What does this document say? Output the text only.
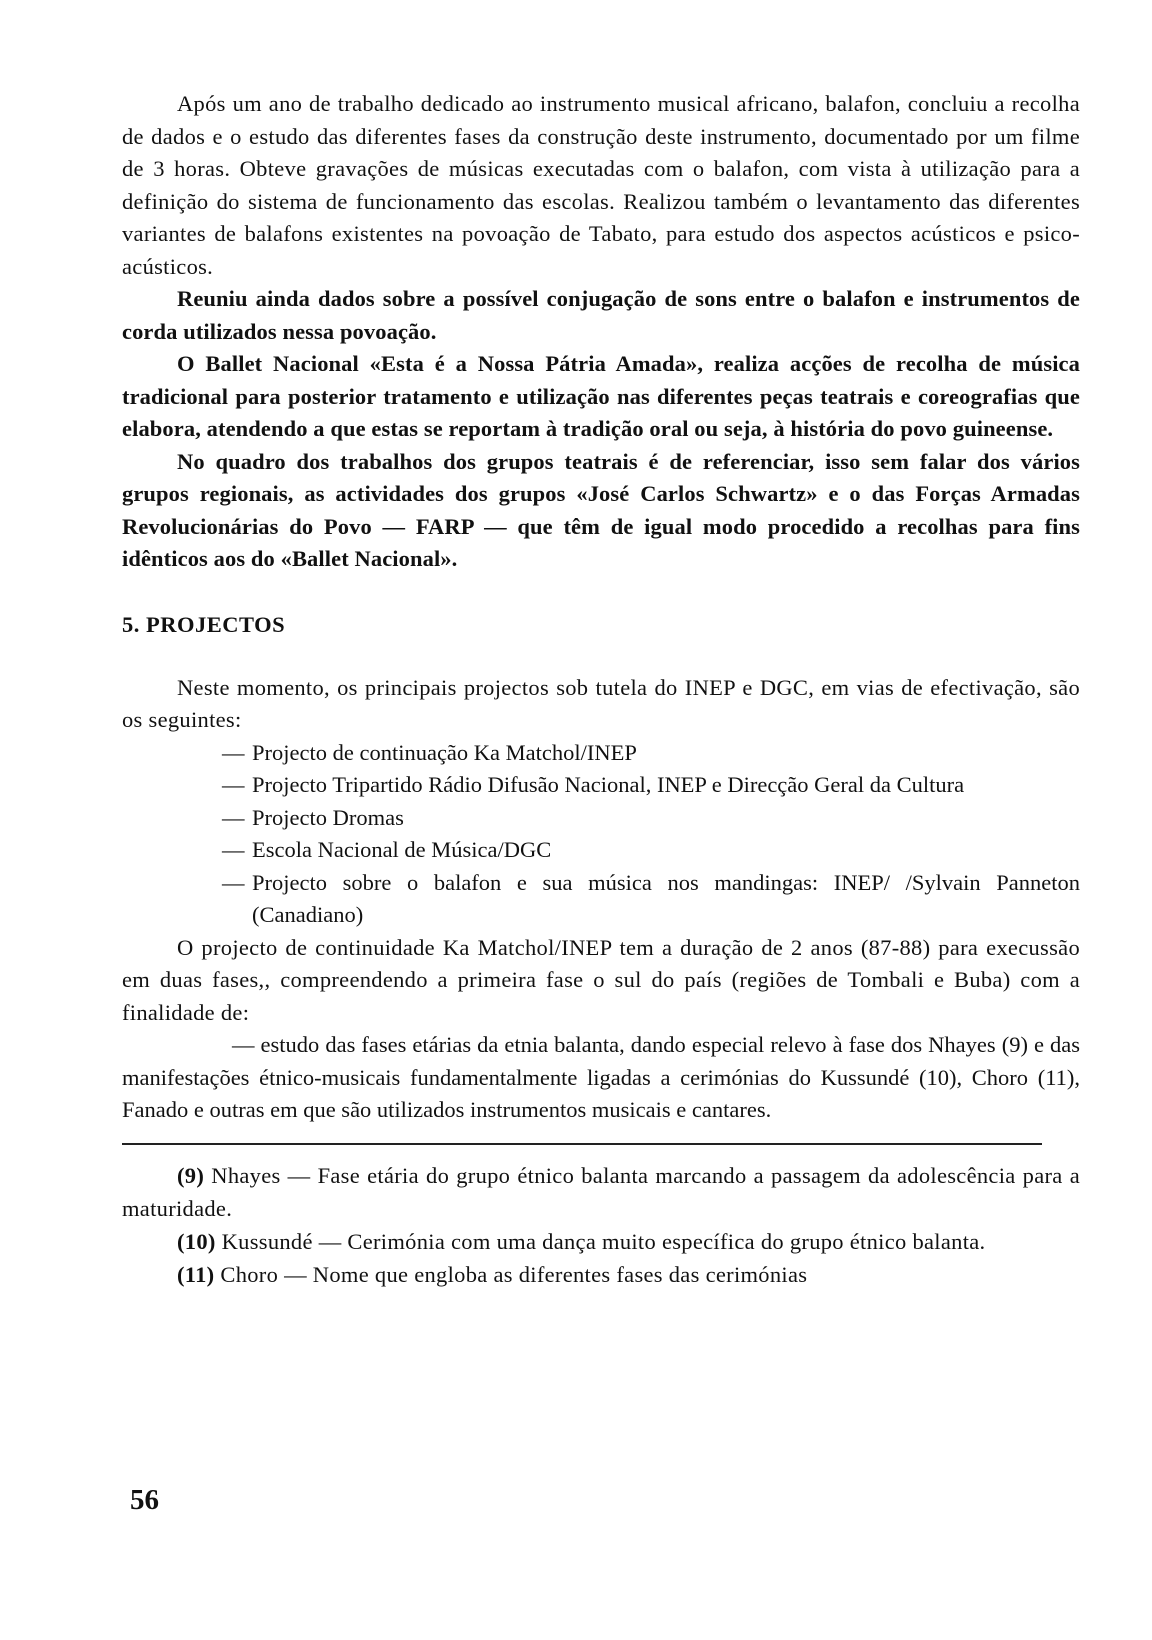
Após um ano de trabalho dedicado ao instrumento musical africano, balafon, concluiu a recolha de dados e o estudo das diferentes fases da construção deste instrumento, documentado por um filme de 3 horas. Obteve gravações de músicas executadas com o balafon, com vista à utilização para a definição do sistema de funcionamento das escolas. Realizou também o levantamento das diferentes variantes de balafons existentes na povoação de Tabato, para estudo dos aspectos acústicos e psico-acústicos.

Reuniu ainda dados sobre a possível conjugação de sons entre o balafon e instrumentos de corda utilizados nessa povoação.

O Ballet Nacional «Esta é a Nossa Pátria Amada», realiza acções de recolha de música tradicional para posterior tratamento e utilização nas diferentes peças teatrais e coreografias que elabora, atendendo a que estas se reportam à tradição oral ou seja, à história do povo guineense.

No quadro dos trabalhos dos grupos teatrais é de referenciar, isso sem falar dos vários grupos regionais, as actividades dos grupos «José Carlos Schwartz» e o das Forças Armadas Revolucionárias do Povo — FARP — que têm de igual modo procedido a recolhas para fins idênticos aos do «Ballet Nacional».

5. PROJECTOS

Neste momento, os principais projectos sob tutela do INEP e DGC, em vias de efectivação, são os seguintes:

— Projecto de continuação Ka Matchol/INEP
— Projecto Tripartido Rádio Difusão Nacional, INEP e Direcção Geral da Cultura
— Projecto Dromas
— Escola Nacional de Música/DGC
— Projecto sobre o balafon e sua música nos mandingas: INEP/ /Sylvain Panneton (Canadiano)

O projecto de continuidade Ka Matchol/INEP tem a duração de 2 anos (87-88) para execussão em duas fases,, compreendendo a primeira fase o sul do país (regiões de Tombali e Buba) com a finalidade de:

— estudo das fases etárias da etnia balanta, dando especial relevo à fase dos Nhayes (9) e das manifestações étnico-musicais fundamentalmente ligadas a cerimónias do Kussundé (10), Choro (11), Fanado e outras em que são utilizados instrumentos musicais e cantares.

(9) Nhayes — Fase etária do grupo étnico balanta marcando a passagem da adolescência para a maturidade.

(10) Kussundé — Cerimónia com uma dança muito específica do grupo étnico balanta.

(11) Choro — Nome que engloba as diferentes fases das cerimónias

56
